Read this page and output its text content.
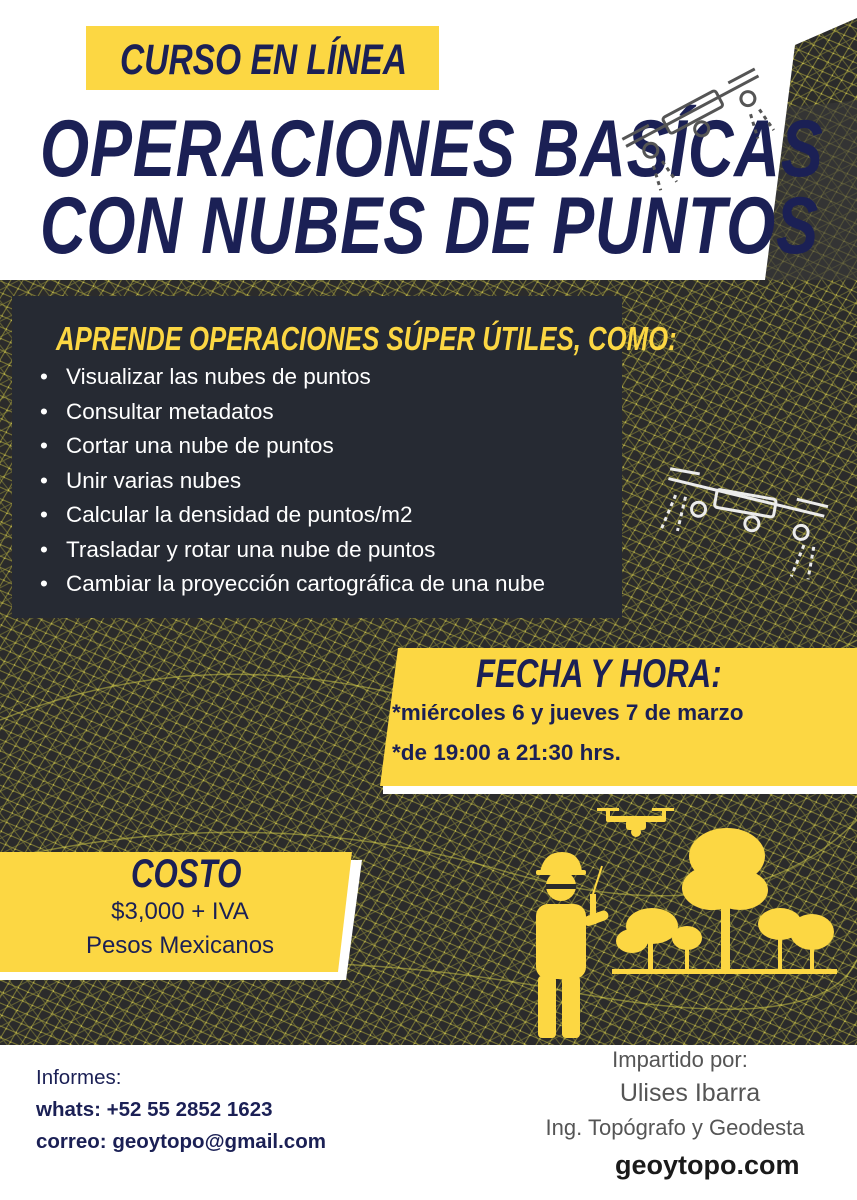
CURSO EN LÍNEA
OPERACIONES BASÍCAS
CON NUBES DE PUNTOS
APRENDE OPERACIONES SÚPER ÚTILES, COMO:
• Visualizar las nubes de puntos
• Consultar metadatos
• Cortar una nube de puntos
• Unir varias nubes
• Calcular la densidad de puntos/m2
• Trasladar y rotar una nube de puntos
• Cambiar la proyección cartográfica de una nube
FECHA Y HORA:
*miércoles 6 y jueves 7 de marzo
*de 19:00 a 21:30 hrs.
COSTO
$3,000 + IVA
Pesos Mexicanos
Informes:
whats: +52 55 2852 1623
correo: geoytopo@gmail.com
Impartido por:
Ulises Ibarra
Ing. Topógrafo y Geodesta
geoytopo.com
